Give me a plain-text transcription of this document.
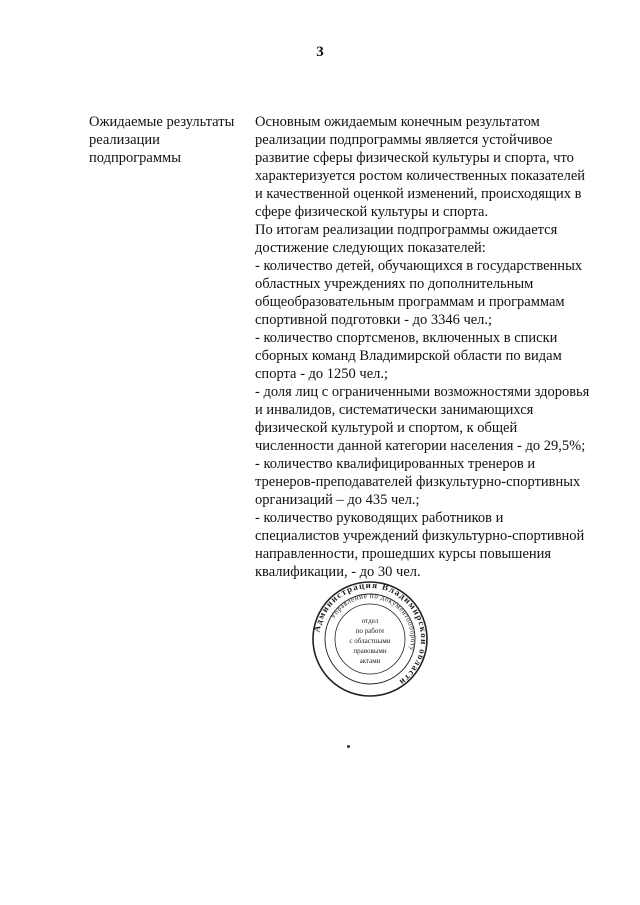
3
Ожидаемые результаты
реализации
подпрограммы

Основным ожидаемым конечным результатом

реализации подпрограммы является устойчивое

развитие сферы физической культуры и спорта, что

характеризуется ростом количественных показателей

и качественной оценкой изменений, происходящих в

сфере физической культуры и спорта.

По итогам реализации подпрограммы ожидается

достижение следующих показателей:

- количество детей, обучающихся в государственных

областных учреждениях по дополнительным

общеобразовательным программам и программам

спортивной подготовки - до 3346 чел.;

- количество спортсменов, включенных в списки

сборных команд Владимирской области по видам

спорта - до 1250 чел.;

- доля лиц с ограниченными возможностями здоровья

и инвалидов, систематически занимающихся

физической культурой и спортом, к общей

численности данной категории населения - до 29,5%;

- количество квалифицированных тренеров и

тренеров-преподавателей физкультурно-спортивных

организаций – до 435 чел.;

- количество руководящих работников и

специалистов учреждений физкультурно-спортивной

направленности, прошедших курсы повышения

квалификации, - до 30 чел.

Администрация Владимирской области
Управление по документообороту
отдел
по работе
с областными
правовыми
актами
